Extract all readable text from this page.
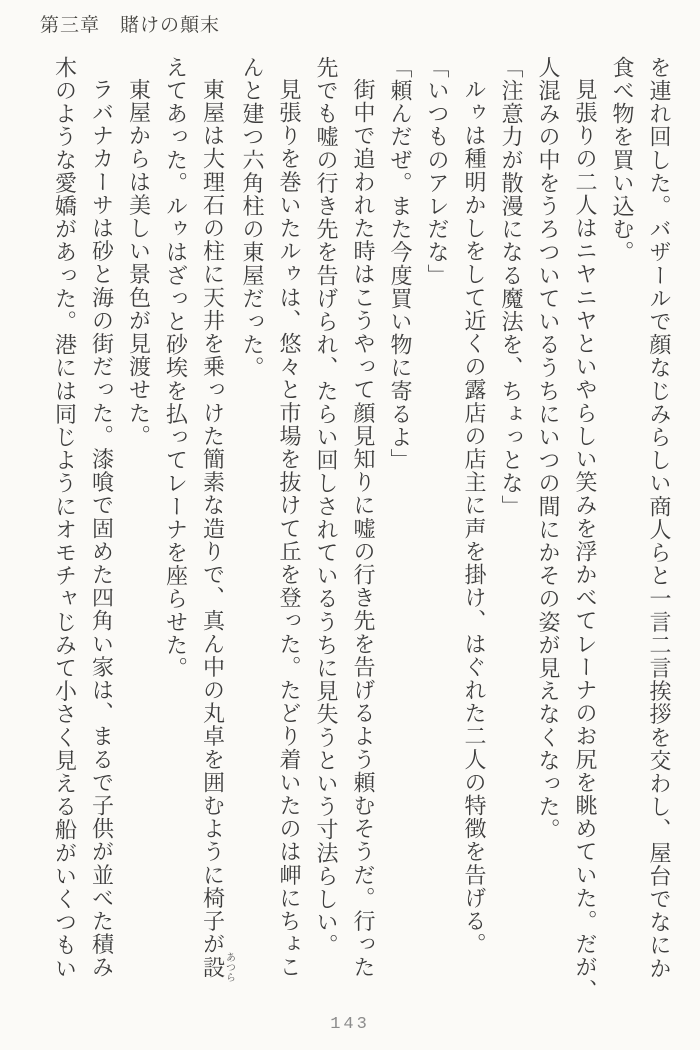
第三章　賭けの顛末
を連れ回した。バザールで顔なじみらしい商人らと一言二言挨拶を交わし、屋台でなにか
食べ物を買い込む。
見張りの二人はニヤニヤといやらしい笑みを浮かべてレーナのお尻を眺めていた。だが、
人混みの中をうろついているうちにいつの間にかその姿が見えなくなった。
「注意力が散漫になる魔法を、ちょっとな」
ルゥは種明かしをして近くの露店の店主に声を掛け、はぐれた二人の特徴を告げる。
「いつものアレだな」
「頼んだぜ。また今度買い物に寄るよ」
街中で追われた時はこうやって顔見知りに嘘の行き先を告げるよう頼むそうだ。行った
先でも嘘の行き先を告げられ、たらい回しされているうちに見失うという寸法らしい。
見張りを巻いたルゥは、悠々と市場を抜けて丘を登った。たどり着いたのは岬にちょこ
んと建つ六角柱の東屋だった。
東屋は大理石の柱に天井を乗っけた簡素な造りで、真ん中の丸卓を囲むように椅子が設あつら
えてあった。ルゥはざっと砂埃を払ってレーナを座らせた。
東屋からは美しい景色が見渡せた。
ラバナカーサは砂と海の街だった。漆喰で固めた四角い家は、まるで子供が並べた積み
木のような愛嬌があった。港には同じようにオモチャじみて小さく見える船がいくつもい
143
